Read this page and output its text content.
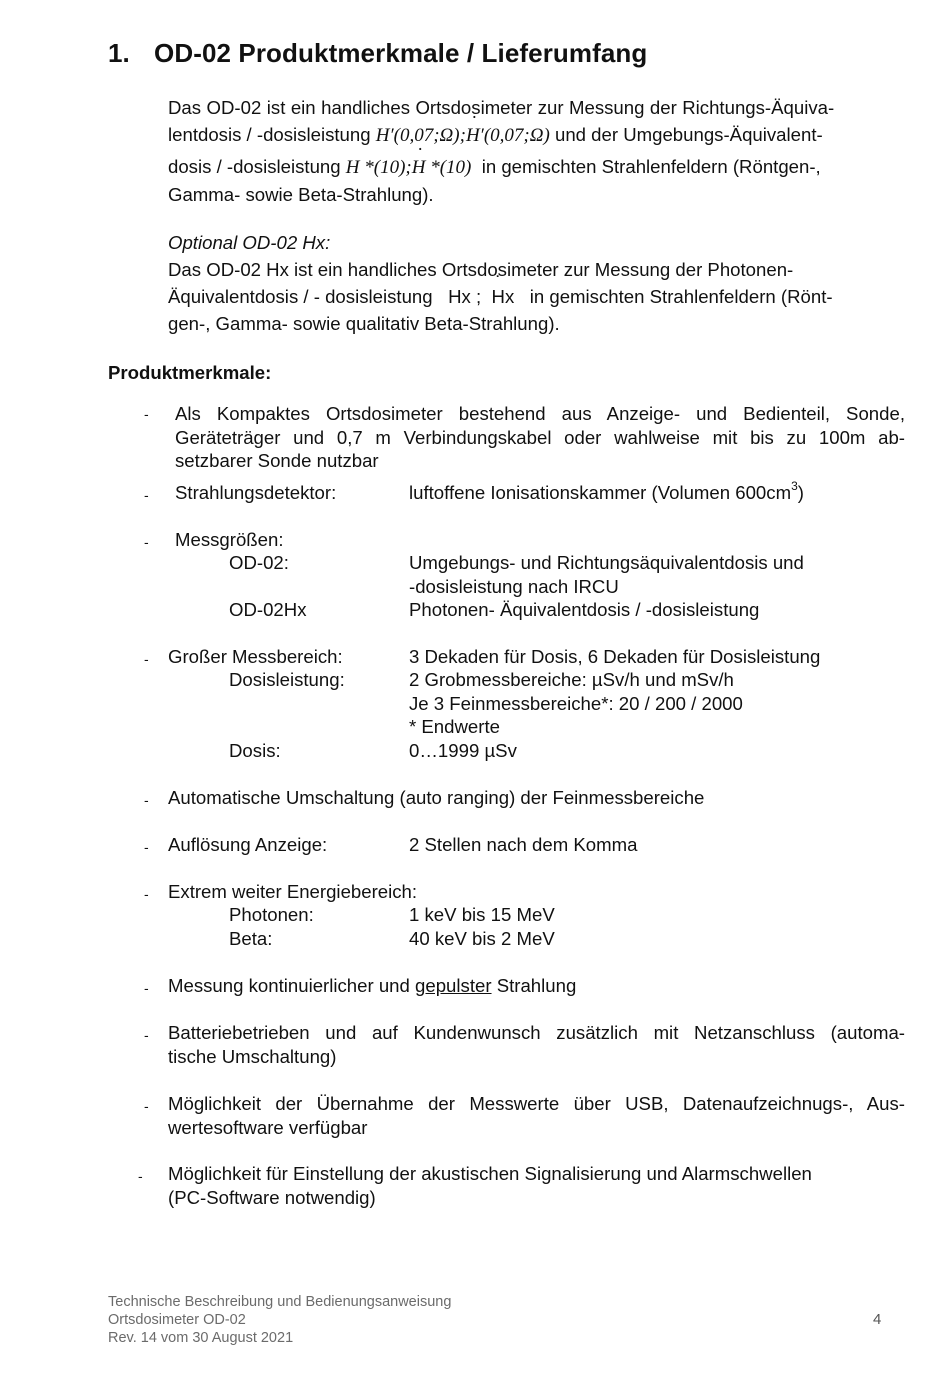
1. OD-02 Produktmerkmale / Lieferumfang
Das OD-02 ist ein handliches Ortsdosimeter zur Messung der Richtungs-Äquiva-
lentdosis / -dosisleistung H′(0,07;Ω);˙ H′(0,07;Ω) und der Umgebungs-Äquivalent-
dosis / -dosisleistung H *(10);˙ H *(10) in gemischten Strahlenfeldern (Röntgen-,
Gamma- sowie Beta-Strahlung).
Optional OD-02 Hx:
Das OD-02 Hx ist ein handliches Ortsdosimeter zur Messung der Photonen-
Äquivalentdosis / - dosisleistung Hx ;  ˙ Hx in gemischten Strahlenfeldern (Rönt-
gen-, Gamma- sowie qualitativ Beta-Strahlung).
Produktmerkmale:
- Als Kompaktes Ortsdosimeter bestehend aus Anzeige- und Bedienteil, Sonde,
Geräteträger und 0,7 m Verbindungskabel oder wahlweise mit bis zu 100m ab-
setzbarer Sonde nutzbar
- Strahlungsdetektor:	luftoffene Ionisationskammer (Volumen $600cm^3$)
- Messgrößen:
OD-02:	Umgebungs- und Richtungsäquivalentdosis und
-dosisleistung nach IRCU
OD-02Hx	Photonen- Äquivalentdosis / -dosisleistung
- Großer Messbereich:	3 Dekaden für Dosis, 6 Dekaden für Dosisleistung
Dosisleistung:	2 Grobmessbereiche: µSv/h und mSv/h
Je 3 Feinmessbereiche*: 20 / 200 / 2000
* Endwerte
Dosis:	0…1999 µSv
- Automatische Umschaltung (auto ranging) der Feinmessbereiche
- Auflösung Anzeige:	2 Stellen nach dem Komma
- Extrem weiter Energiebereich:
Photonen:	1 keV bis 15 MeV
Beta:	40 keV bis 2 MeV
- Messung kontinuierlicher und gepulster Strahlung
- Batteriebetrieben und auf Kundenwunsch zusätzlich mit Netzanschluss (automa-
tische Umschaltung)
- Möglichkeit der Übernahme der Messwerte über USB, Datenaufzeichnugs-, Aus-
wertesoftware verfügbar
- Möglichkeit für Einstellung der akustischen Signalisierung und Alarmschwellen
(PC-Software notwendig)
Technische Beschreibung und Bedienungsanweisung
Ortsdosimeter OD-02
Rev. 14 vom 30 August 2021
4
